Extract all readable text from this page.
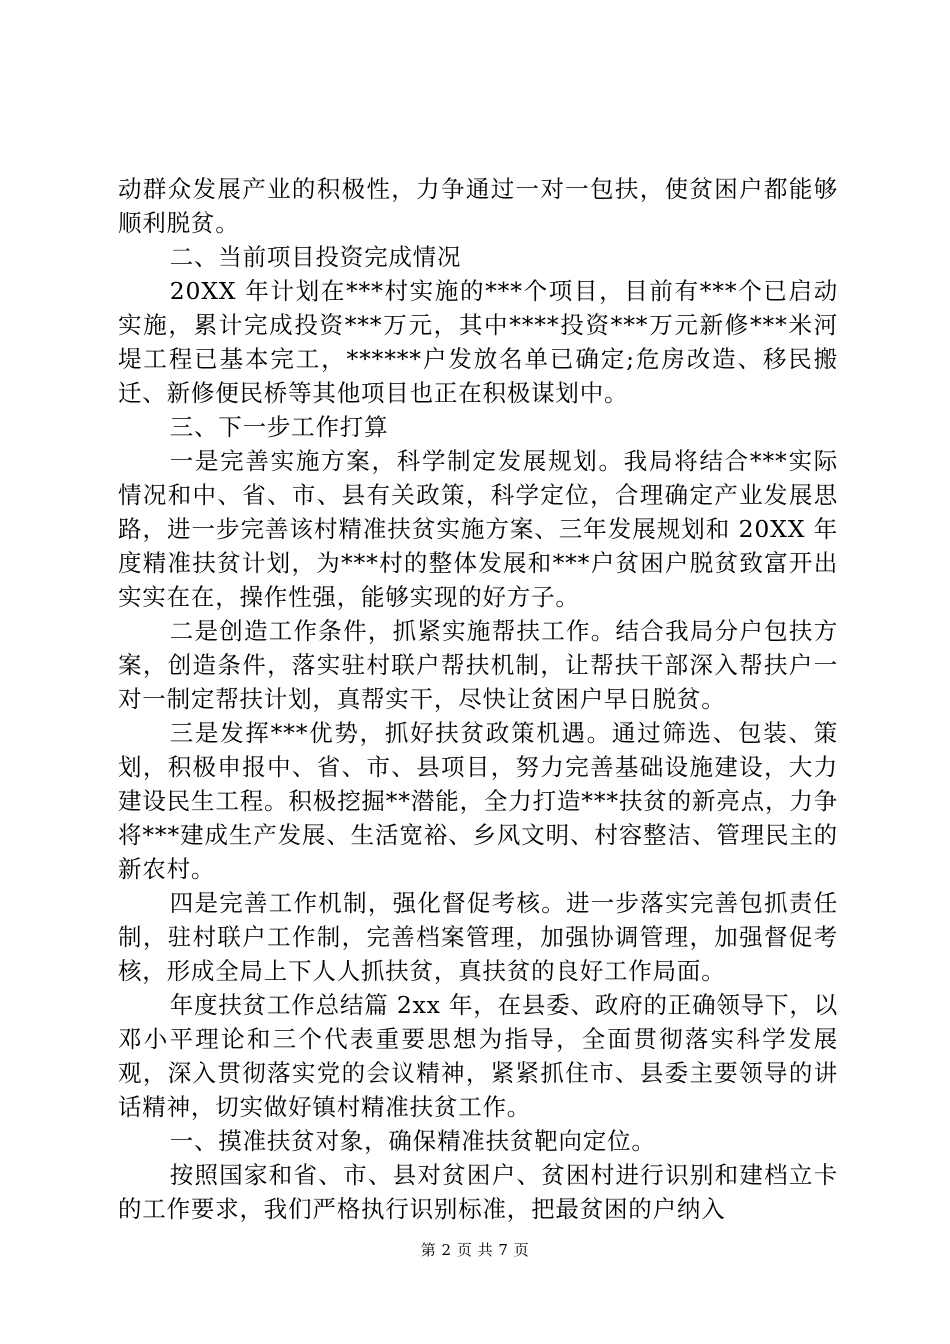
动群众发展产业的积极性，力争通过一对一包扶，使贫困户都能够顺利脱贫。

二、当前项目投资完成情况

20XX 年计划在***村实施的***个项目，目前有***个已启动实施，累计完成投资***万元，其中****投资***万元新修***米河堤工程已基本完工，******户发放名单已确定;危房改造、移民搬迁、新修便民桥等其他项目也正在积极谋划中。

三、下一步工作打算

一是完善实施方案，科学制定发展规划。我局将结合***实际情况和中、省、市、县有关政策，科学定位，合理确定产业发展思路，进一步完善该村精准扶贫实施方案、三年发展规划和 20XX 年度精准扶贫计划，为***村的整体发展和***户贫困户脱贫致富开出实实在在，操作性强，能够实现的好方子。

二是创造工作条件，抓紧实施帮扶工作。结合我局分户包扶方案，创造条件，落实驻村联户帮扶机制，让帮扶干部深入帮扶户一对一制定帮扶计划，真帮实干，尽快让贫困户早日脱贫。

三是发挥***优势，抓好扶贫政策机遇。通过筛选、包装、策划，积极申报中、省、市、县项目，努力完善基础设施建设，大力建设民生工程。积极挖掘**潜能，全力打造***扶贫的新亮点，力争将***建成生产发展、生活宽裕、乡风文明、村容整洁、管理民主的新农村。

四是完善工作机制，强化督促考核。进一步落实完善包抓责任制，驻村联户工作制，完善档案管理，加强协调管理，加强督促考核，形成全局上下人人抓扶贫，真扶贫的良好工作局面。

年度扶贫工作总结篇 2xx 年，在县委、政府的正确领导下，以邓小平理论和三个代表重要思想为指导，全面贯彻落实科学发展观，深入贯彻落实党的会议精神，紧紧抓住市、县委主要领导的讲话精神，切实做好镇村精准扶贫工作。

一、摸准扶贫对象，确保精准扶贫靶向定位。

按照国家和省、市、县对贫困户、贫困村进行识别和建档立卡的工作要求，我们严格执行识别标准，把最贫困的户纳入

第 2 页 共 7 页
